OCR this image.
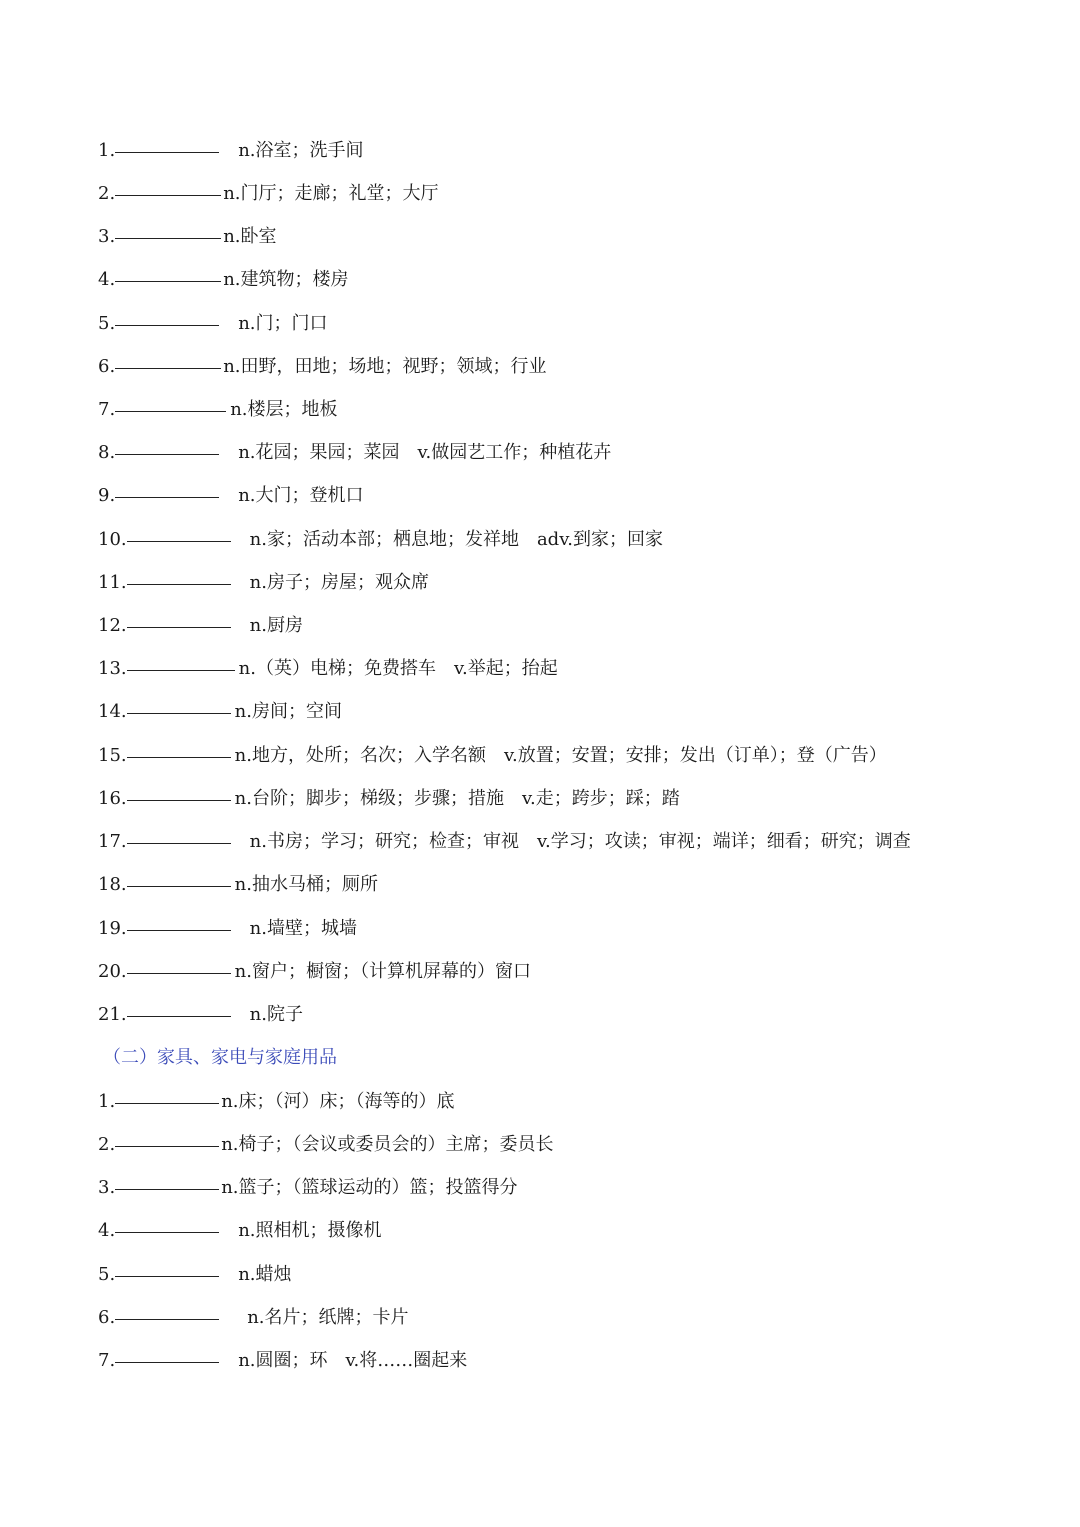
1.	n.浴室；洗手间
2.	n.门厅；走廊；礼堂；大厅
3.	n.卧室
4.	n.建筑物；楼房
5.	n.门；门口
6.	n.田野，田地；场地；视野；领域；行业
7.	n.楼层；地板
8.	n.花园；果园；菜园　v.做园艺工作；种植花卉
9.	n.大门；登机口
10.	n.家；活动本部；栖息地；发祥地　adv.到家；回家
11.	n.房子；房屋；观众席
12.	n.厨房
13.	n.（英）电梯；免费搭车　v.举起；抬起
14.	n.房间；空间
15.	n.地方，处所；名次；入学名额　v.放置；安置；安排；发出（订单）；登（广告）
16.	n.台阶；脚步；梯级；步骤；措施　v.走；跨步；踩；踏
17.	n.书房；学习；研究；检查；审视　v.学习；攻读；审视；端详；细看；研究；调查
18.	n.抽水马桶；厕所
19.	n.墙壁；城墙
20.	n.窗户；橱窗；（计算机屏幕的）窗口
21.	n.院子
（二）家具、家电与家庭用品
1.	n.床；（河）床；（海等的）底
2.	n.椅子；（会议或委员会的）主席；委员长
3.	n.篮子；（篮球运动的）篮；投篮得分
4.	n.照相机；摄像机
5.	n.蜡烛
6.	n.名片；纸牌；卡片
7.	n.圆圈；环　v.将……圈起来
